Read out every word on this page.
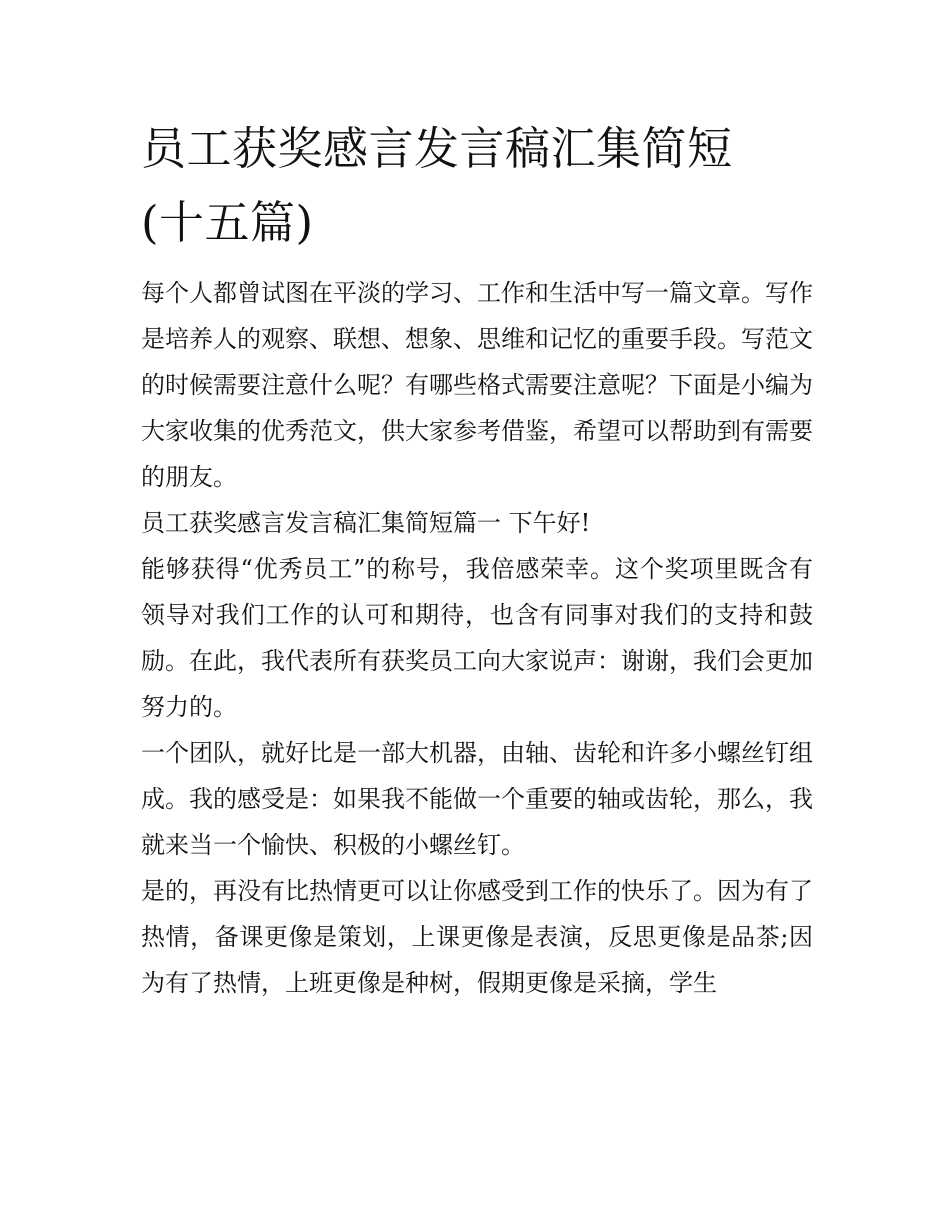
员工获奖感言发言稿汇集简短
(十五篇)

每个人都曾试图在平淡的学习、工作和生活中写一篇文章。写作是培养人的观察、联想、想象、思维和记忆的重要手段。写范文的时候需要注意什么呢？有哪些格式需要注意呢？下面是小编为大家收集的优秀范文，供大家参考借鉴，希望可以帮助到有需要的朋友。

员工获奖感言发言稿汇集简短篇一 下午好!

能够获得“优秀员工”的称号，我倍感荣幸。这个奖项里既含有领导对我们工作的认可和期待，也含有同事对我们的支持和鼓励。在此，我代表所有获奖员工向大家说声：谢谢，我们会更加努力的。

一个团队，就好比是一部大机器，由轴、齿轮和许多小螺丝钉组成。我的感受是：如果我不能做一个重要的轴或齿轮，那么，我就来当一个愉快、积极的小螺丝钉。

是的，再没有比热情更可以让你感受到工作的快乐了。因为有了热情，备课更像是策划，上课更像是表演，反思更像是品茶;因为有了热情，上班更像是种树，假期更像是采摘，学生
